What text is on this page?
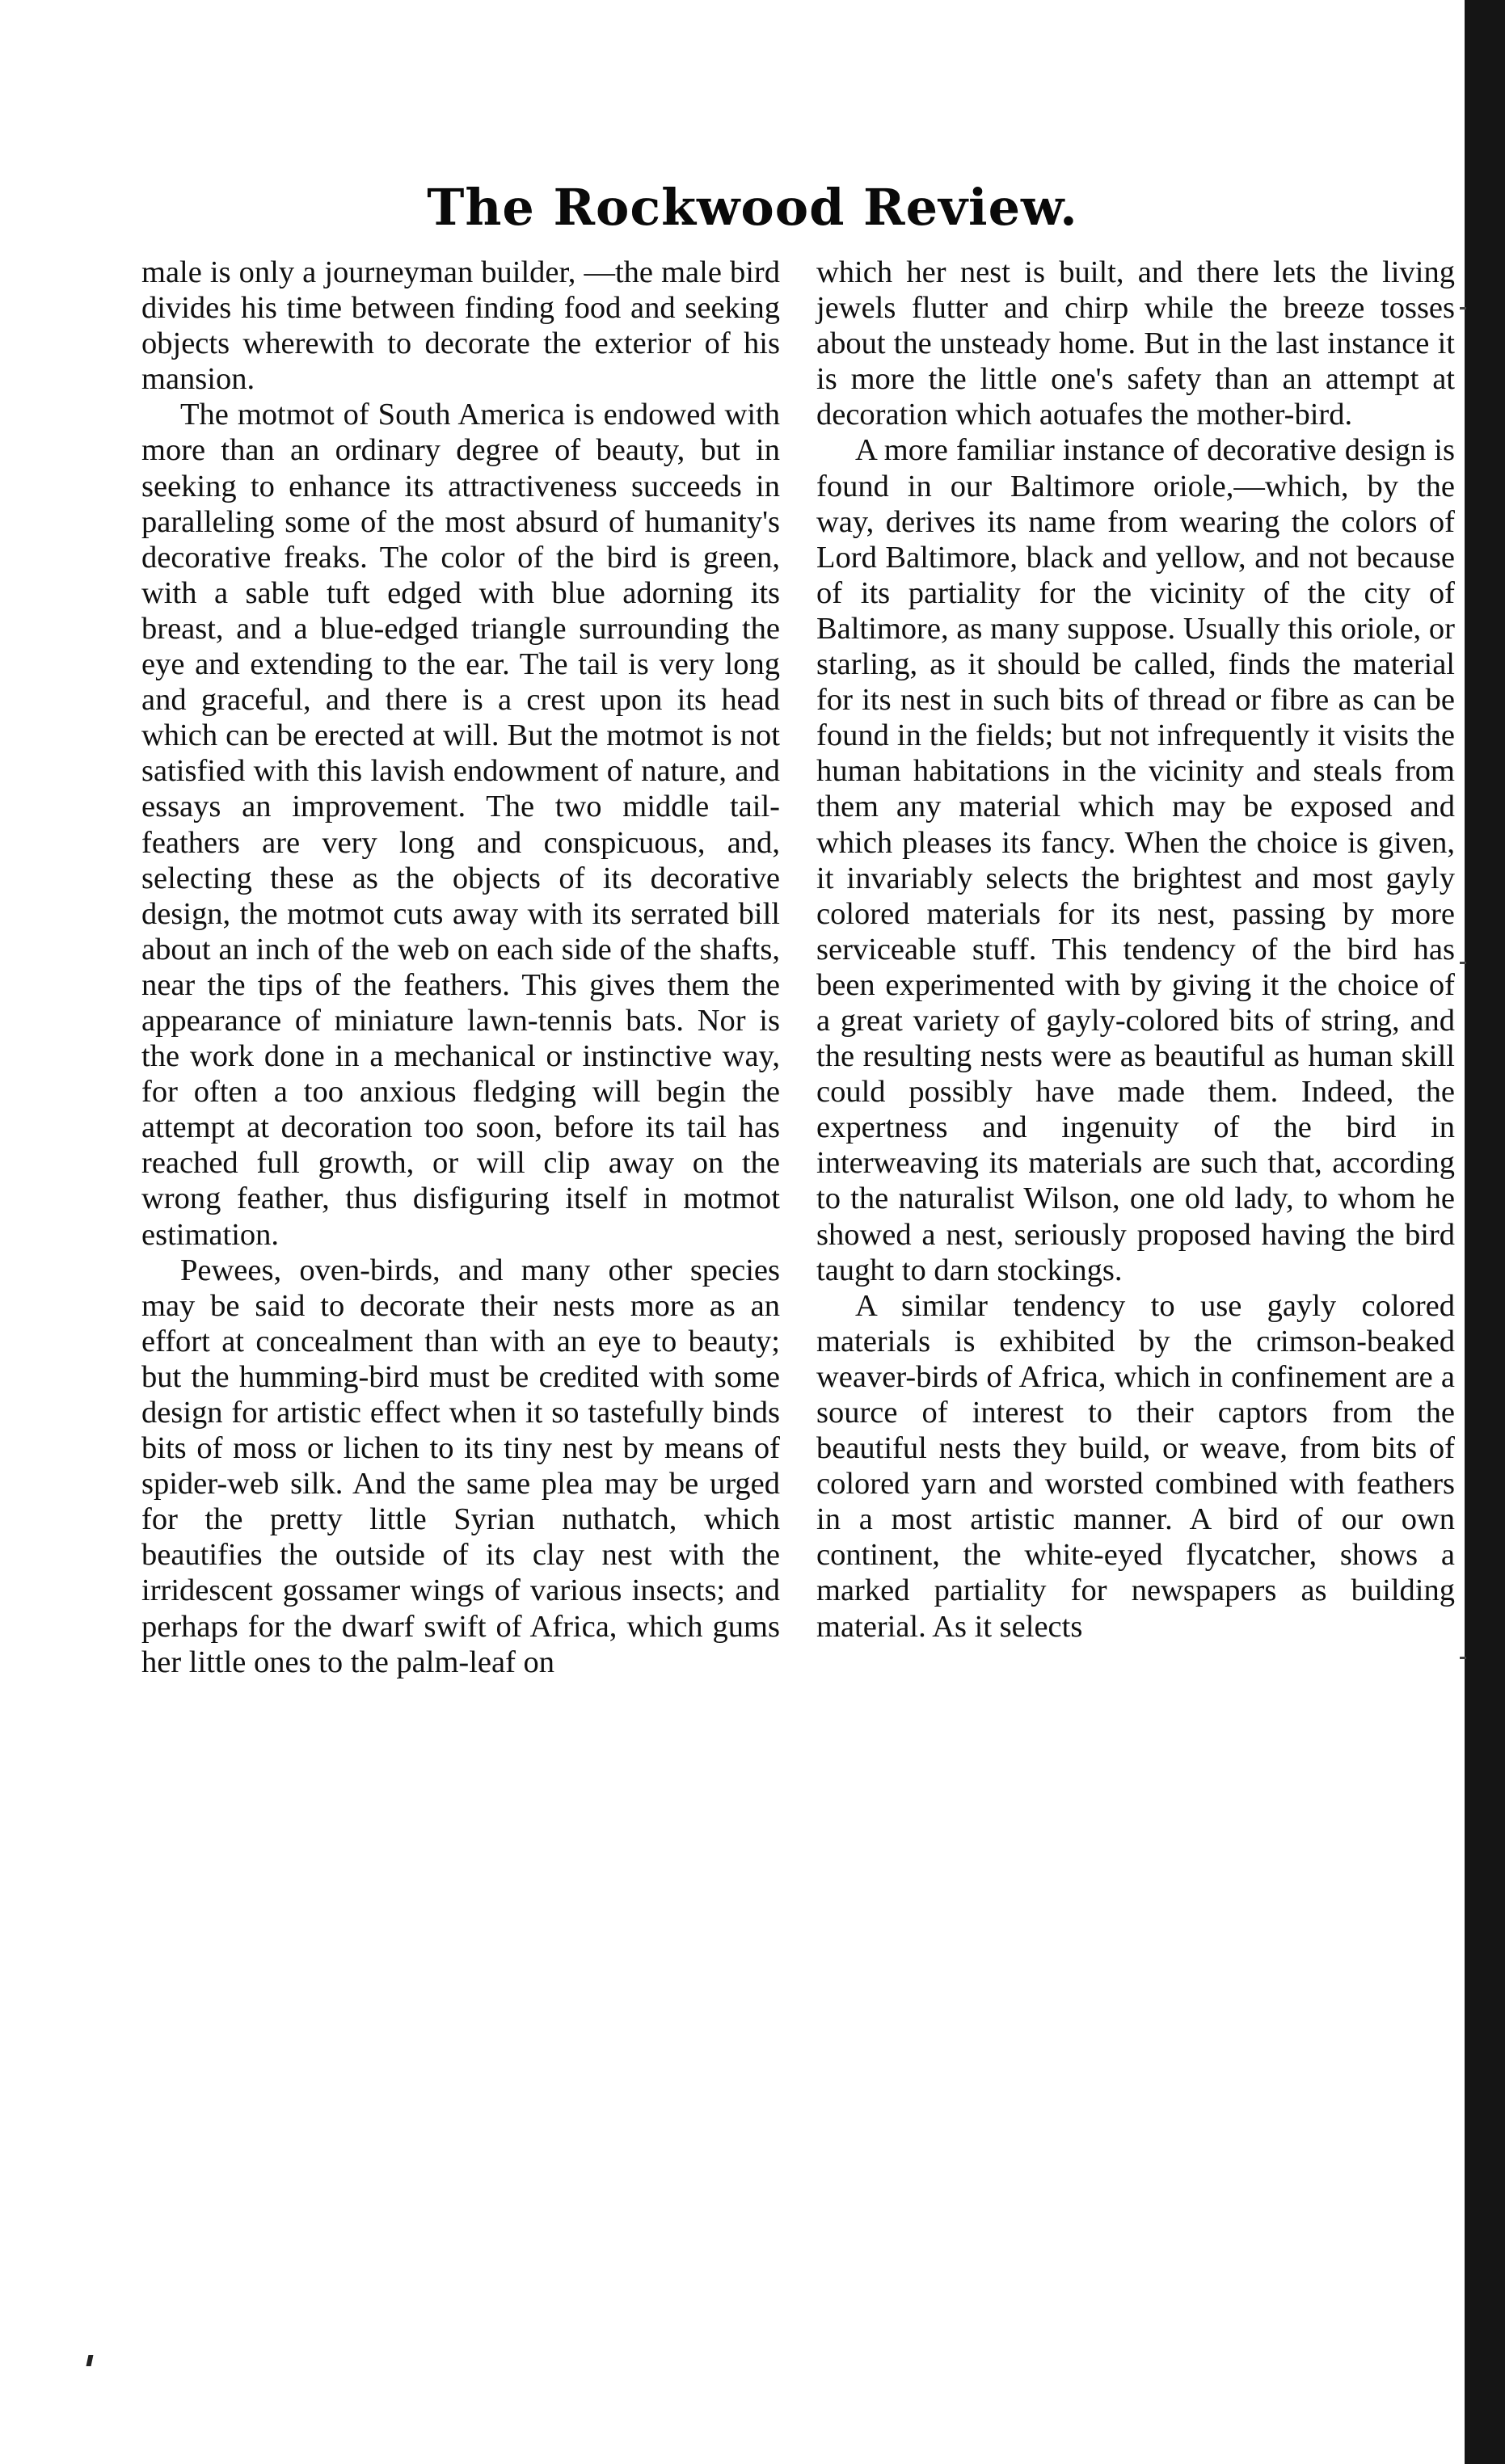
The Rockwood Review.

male is only a journeyman builder, —the male bird divides his time between finding food and seeking objects wherewith to decorate the exterior of his mansion.

The motmot of South America is endowed with more than an ordinary degree of beauty, but in seeking to enhance its attractiveness succeeds in paralleling some of the most absurd of humanity's decorative freaks. The color of the bird is green, with a sable tuft edged with blue adorning its breast, and a blue-edged triangle surrounding the eye and extending to the ear. The tail is very long and graceful, and there is a crest upon its head which can be erected at will. But the motmot is not satisfied with this lavish endowment of nature, and essays an improvement. The two middle tail-feathers are very long and conspicuous, and, selecting these as the objects of its decorative design, the motmot cuts away with its serrated bill about an inch of the web on each side of the shafts, near the tips of the feathers. This gives them the appearance of miniature lawn-tennis bats. Nor is the work done in a mechanical or instinctive way, for often a too anxious fledging will begin the attempt at decoration too soon, before its tail has reached full growth, or will clip away on the wrong feather, thus disfiguring itself in motmot estimation.

Pewees, oven-birds, and many other species may be said to decorate their nests more as an effort at concealment than with an eye to beauty; but the humming-bird must be credited with some design for artistic effect when it so tastefully binds bits of moss or lichen to its tiny nest by means of spider-web silk. And the same plea may be urged for the pretty little Syrian nuthatch, which beautifies the outside of its clay nest with the irridescent gossamer wings of various insects; and perhaps for the dwarf swift of Africa, which gums her little ones to the palm-leaf on

which her nest is built, and there lets the living jewels flutter and chirp while the breeze tosses about the unsteady home. But in the last instance it is more the little one's safety than an attempt at decoration which aotuafes the mother-bird.

A more familiar instance of decorative design is found in our Baltimore oriole,—which, by the way, derives its name from wearing the colors of Lord Baltimore, black and yellow, and not because of its partiality for the vicinity of the city of Baltimore, as many suppose. Usually this oriole, or starling, as it should be called, finds the material for its nest in such bits of thread or fibre as can be found in the fields; but not infrequently it visits the human habitations in the vicinity and steals from them any material which may be exposed and which pleases its fancy. When the choice is given, it invariably selects the brightest and most gayly colored materials for its nest, passing by more serviceable stuff. This tendency of the bird has been experimented with by giving it the choice of a great variety of gayly-colored bits of string, and the resulting nests were as beautiful as human skill could possibly have made them. Indeed, the expertness and ingenuity of the bird in interweaving its materials are such that, according to the naturalist Wilson, one old lady, to whom he showed a nest, seriously proposed having the bird taught to darn stockings.

A similar tendency to use gayly colored materials is exhibited by the crimson-beaked weaver-birds of Africa, which in confinement are a source of interest to their captors from the beautiful nests they build, or weave, from bits of colored yarn and worsted combined with feathers in a most artistic manner. A bird of our own continent, the white-eyed flycatcher, shows a marked partiality for newspapers as building material. As it selects
